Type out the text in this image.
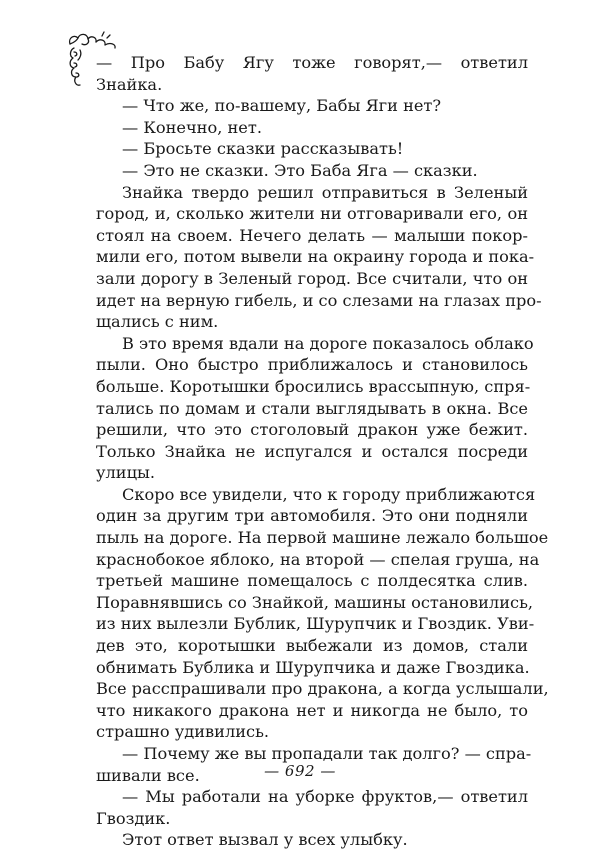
— Про Бабу Ягу тоже говорят,— ответил
Знайка.
— Что же, по-вашему, Бабы Яги нет?
— Конечно, нет.
— Бросьте сказки рассказывать!
— Это не сказки. Это Баба Яга — сказки.
Знайка твердо решил отправиться в Зеленый
город, и, сколько жители ни отговаривали его, он
стоял на своем. Нечего делать — малыши покор-
мили его, потом вывели на окраину города и пока-
зали дорогу в Зеленый город. Все считали, что он
идет на верную гибель, и со слезами на глазах про-
щались с ним.
В это время вдали на дороге показалось облако
пыли. Оно быстро приближалось и становилось
больше. Коротышки бросились врассыпную, спря-
тались по домам и стали выглядывать в окна. Все
решили, что это стоголовый дракон уже бежит.
Только Знайка не испугался и остался посреди
улицы.
Скоро все увидели, что к городу приближаются
один за другим три автомобиля. Это они подняли
пыль на дороге. На первой машине лежало большое
краснобокое яблоко, на второй — спелая груша, на
третьей машине помещалось с полдесятка слив.
Поравнявшись со Знайкой, машины остановились,
из них вылезли Бублик, Шурупчик и Гвоздик. Уви-
дев это, коротышки выбежали из домов, стали
обнимать Бублика и Шурупчика и даже Гвоздика.
Все расспрашивали про дракона, а когда услышали,
что никакого дракона нет и никогда не было, то
страшно удивились.
— Почему же вы пропадали так долго? — спра-
шивали все.
— Мы работали на уборке фруктов,— ответил
Гвоздик.
Этот ответ вызвал у всех улыбку.
— 692 —
